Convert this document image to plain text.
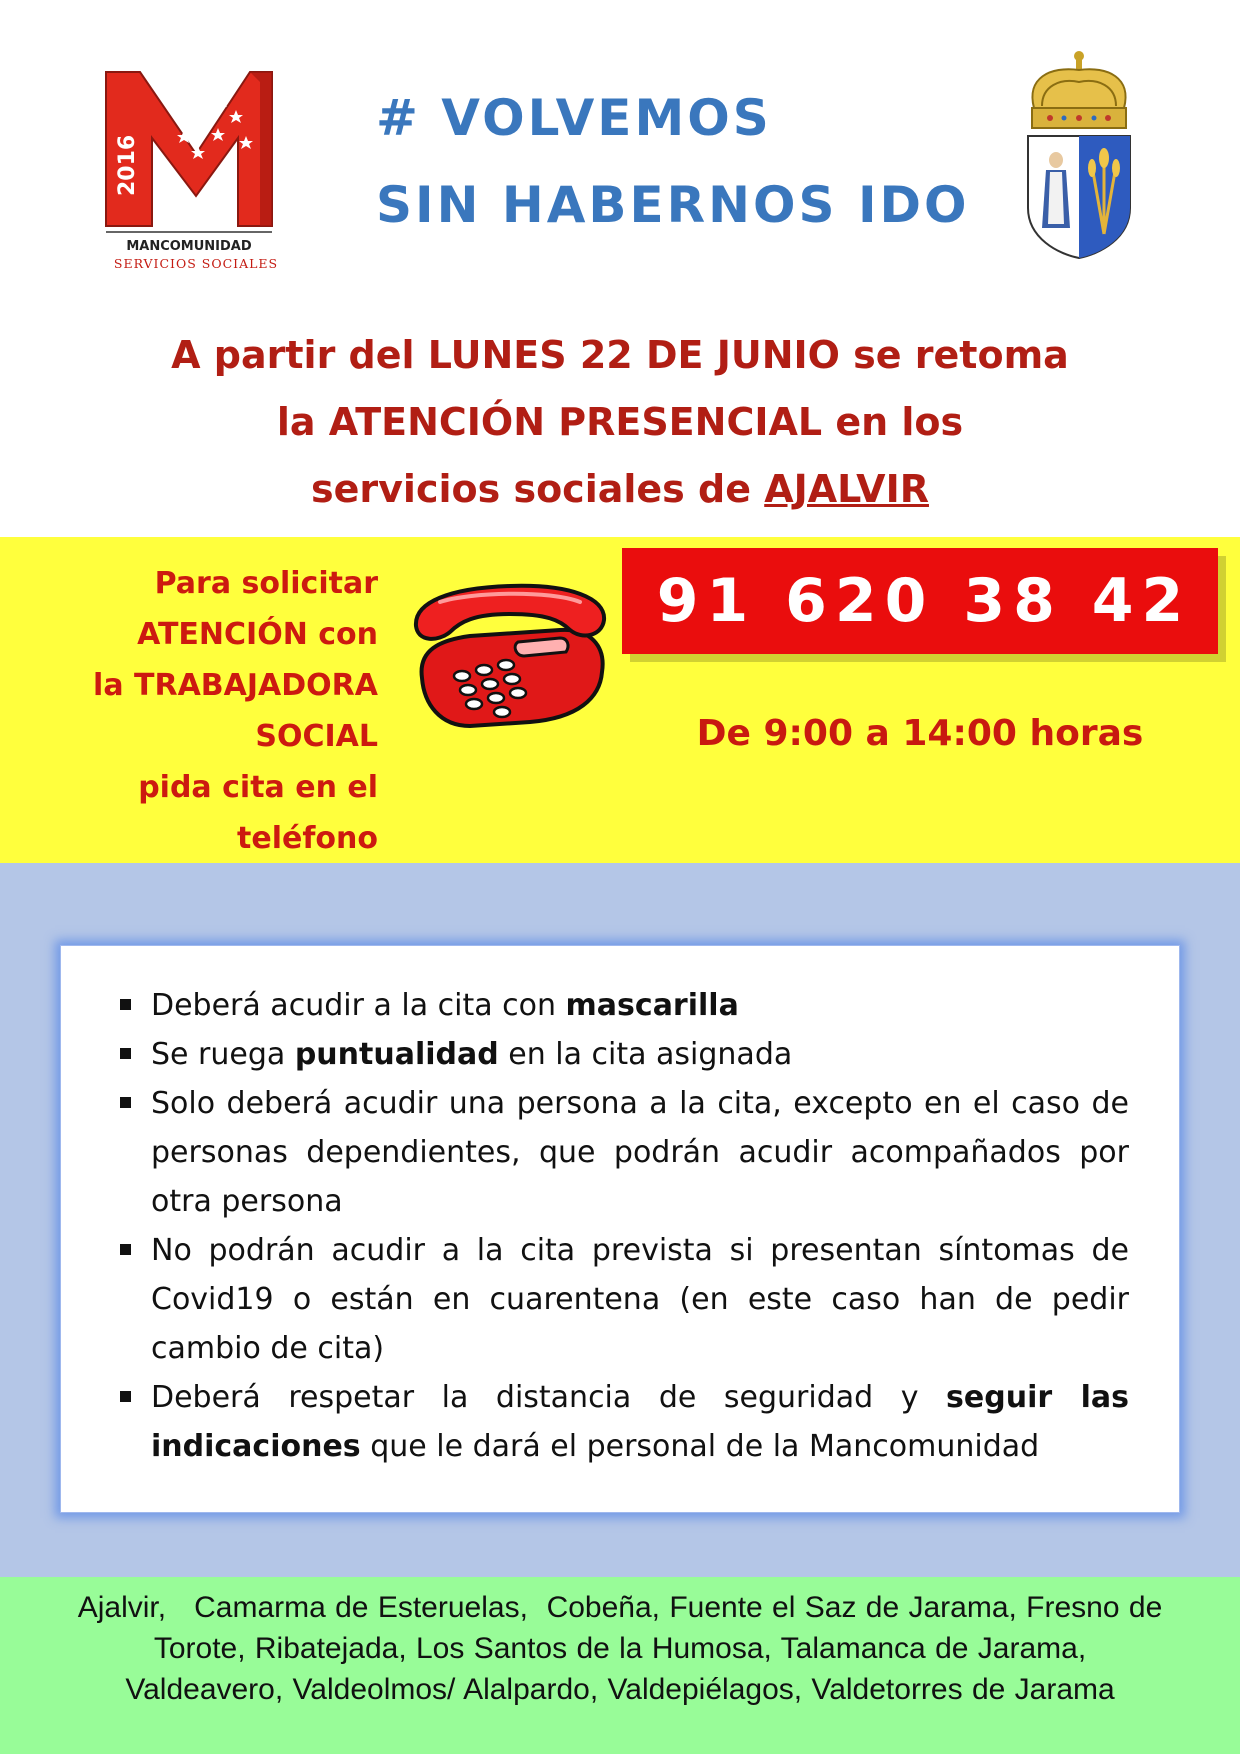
2016
MANCOMUNIDAD
SERVICIOS SOCIALES
# VOLVEMOS
SIN HABERNOS IDO
A partir del LUNES 22 DE JUNIO se retoma
la ATENCIÓN PRESENCIAL en los
servicios sociales de AJALVIR
Para solicitar
ATENCIÓN con
la TRABAJADORA
SOCIAL
pida cita en el
teléfono
91 620 38 42
De 9:00 a 14:00 horas
Deberá acudir a la cita con mascarilla
Se ruega puntualidad en la cita asignada
Solo deberá acudir una persona a la cita, excepto en el caso de personas dependientes, que podrán acudir acompañados por otra persona
No podrán acudir a la cita prevista si presentan síntomas de Covid19 o están en cuarentena (en este caso han de pedir cambio de cita)
Deberá respetar la distancia de seguridad y seguir las indicaciones que le dará el personal de la Mancomunidad
Ajalvir,   Camarma de Esteruelas,  Cobeña, Fuente el Saz de Jarama, Fresno de
Torote, Ribatejada, Los Santos de la Humosa, Talamanca de Jarama,
Valdeavero, Valdeolmos/ Alalpardo, Valdepiélagos, Valdetorres de Jarama
